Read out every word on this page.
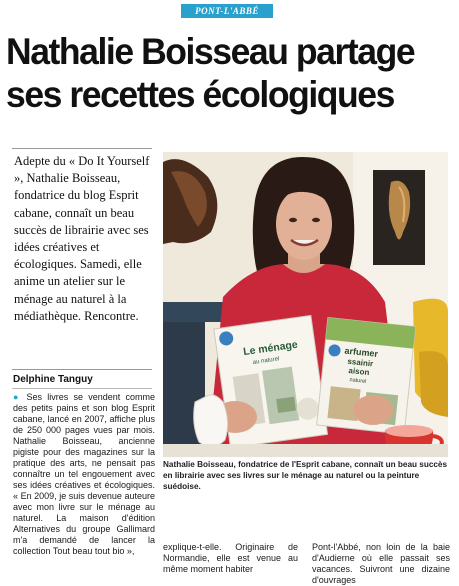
PONT-L'ABBÉ
Nathalie Boisseau partage ses recettes écologiques

Adepte du « Do It Yourself », Nathalie Boisseau, fondatrice du blog Esprit cabane, connaît un beau succès de librairie avec ses idées créatives et écologiques. Samedi, elle anime un atelier sur le ménage au naturel à la médiathèque. Rencontre.

Delphine Tanguy

● Ses livres se vendent comme des petits pains et son blog Esprit cabane, lancé en 2007, affiche plus de 250 000 pages vues par mois. Nathalie Boisseau, ancienne pigiste pour des magazines sur la pratique des arts, ne pensait pas connaître un tel engouement avec ses idées créatives et écologiques. « En 2009, je suis devenue auteure avec mon livre sur le ménage au naturel. La maison d'édition Alternatives du groupe Gallimard m'a demandé de lancer la collection Tout beau tout bio »,

Le ménage
au naturel
arfumer
ssainir
aison
naturel

Nathalie Boisseau, fondatrice de l'Esprit cabane, connaît un beau succès en librairie avec ses livres sur le ménage au naturel ou la peinture suédoise.

explique-t-elle. Originaire de Normandie, elle est venue au même moment habiter

Pont-l'Abbé, non loin de la baie d'Audierne où elle passait ses vacances. Suivront une dizaine d'ouvrages
